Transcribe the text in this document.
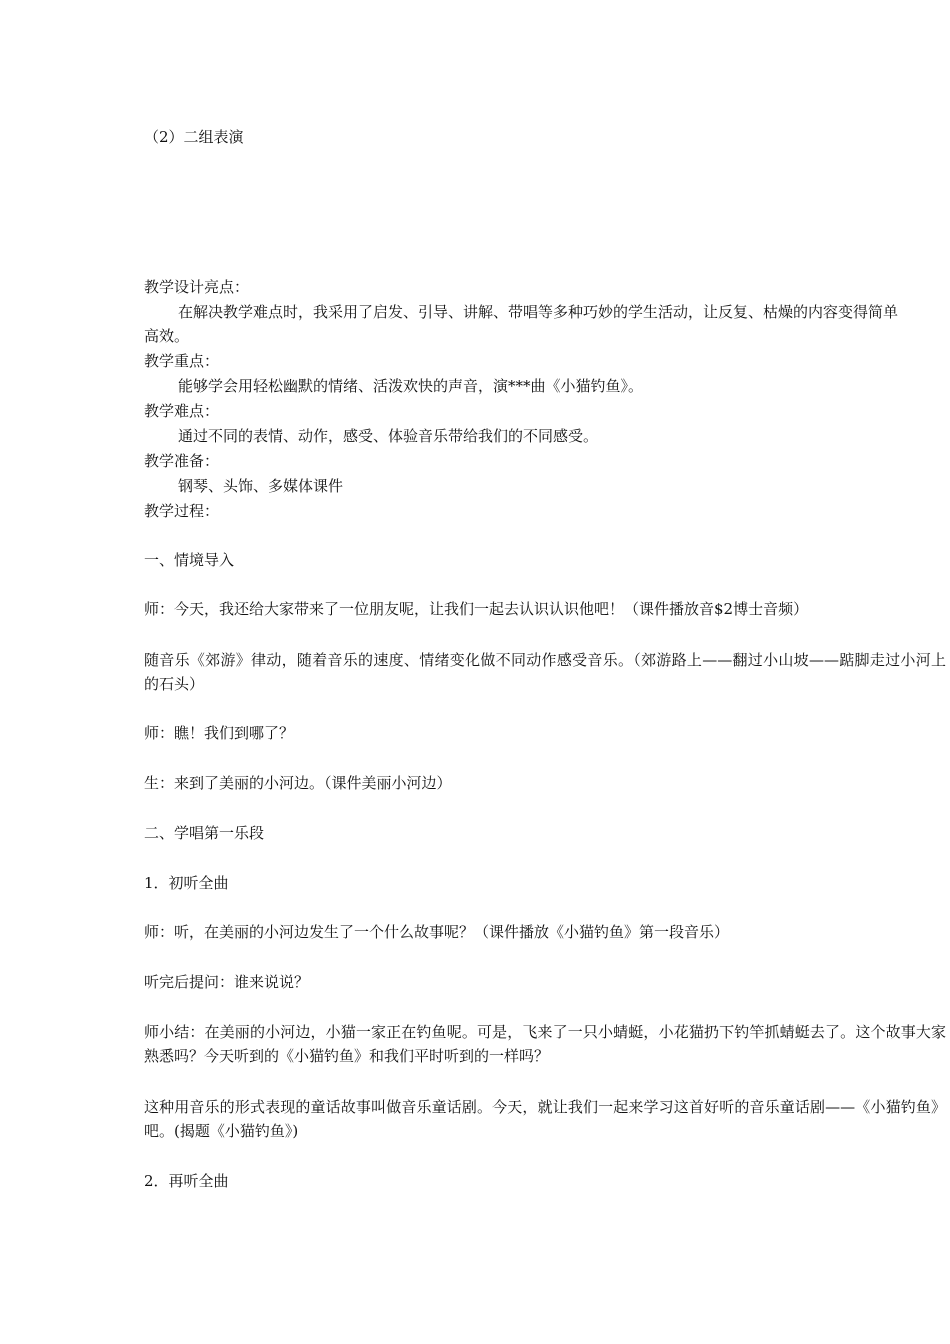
（2）二组表演
教学设计亮点：
在解决教学难点时，我采用了启发、引导、讲解、带唱等多种巧妙的学生活动，让反复、枯燥的内容变得简单
高效。
教学重点：
能够学会用轻松幽默的情绪、活泼欢快的声音，演***曲《小猫钓鱼》。
教学难点：
通过不同的表情、动作，感受、体验音乐带给我们的不同感受。
教学准备：
钢琴、头饰、多媒体课件
教学过程：
一、情境导入
师：今天，我还给大家带来了一位朋友呢，让我们一起去认识认识他吧！（课件播放音$2博士音频）
随音乐《郊游》律动，随着音乐的速度、情绪变化做不同动作感受音乐。（郊游路上——翻过小山坡——踮脚走过小河上的石头）
师：瞧！我们到哪了？
生：来到了美丽的小河边。（课件美丽小河边）
二、学唱第一乐段
1．初听全曲
师：听，在美丽的小河边发生了一个什么故事呢？（课件播放《小猫钓鱼》第一段音乐）
听完后提问：谁来说说？
师小结：在美丽的小河边，小猫一家正在钓鱼呢。可是，飞来了一只小蜻蜓，小花猫扔下钓竿抓蜻蜓去了。这个故事大家熟悉吗？今天听到的《小猫钓鱼》和我们平时听到的一样吗？
这种用音乐的形式表现的童话故事叫做音乐童话剧。今天，就让我们一起来学习这首好听的音乐童话剧——《小猫钓鱼》吧。(揭题《小猫钓鱼》)
2．再听全曲
